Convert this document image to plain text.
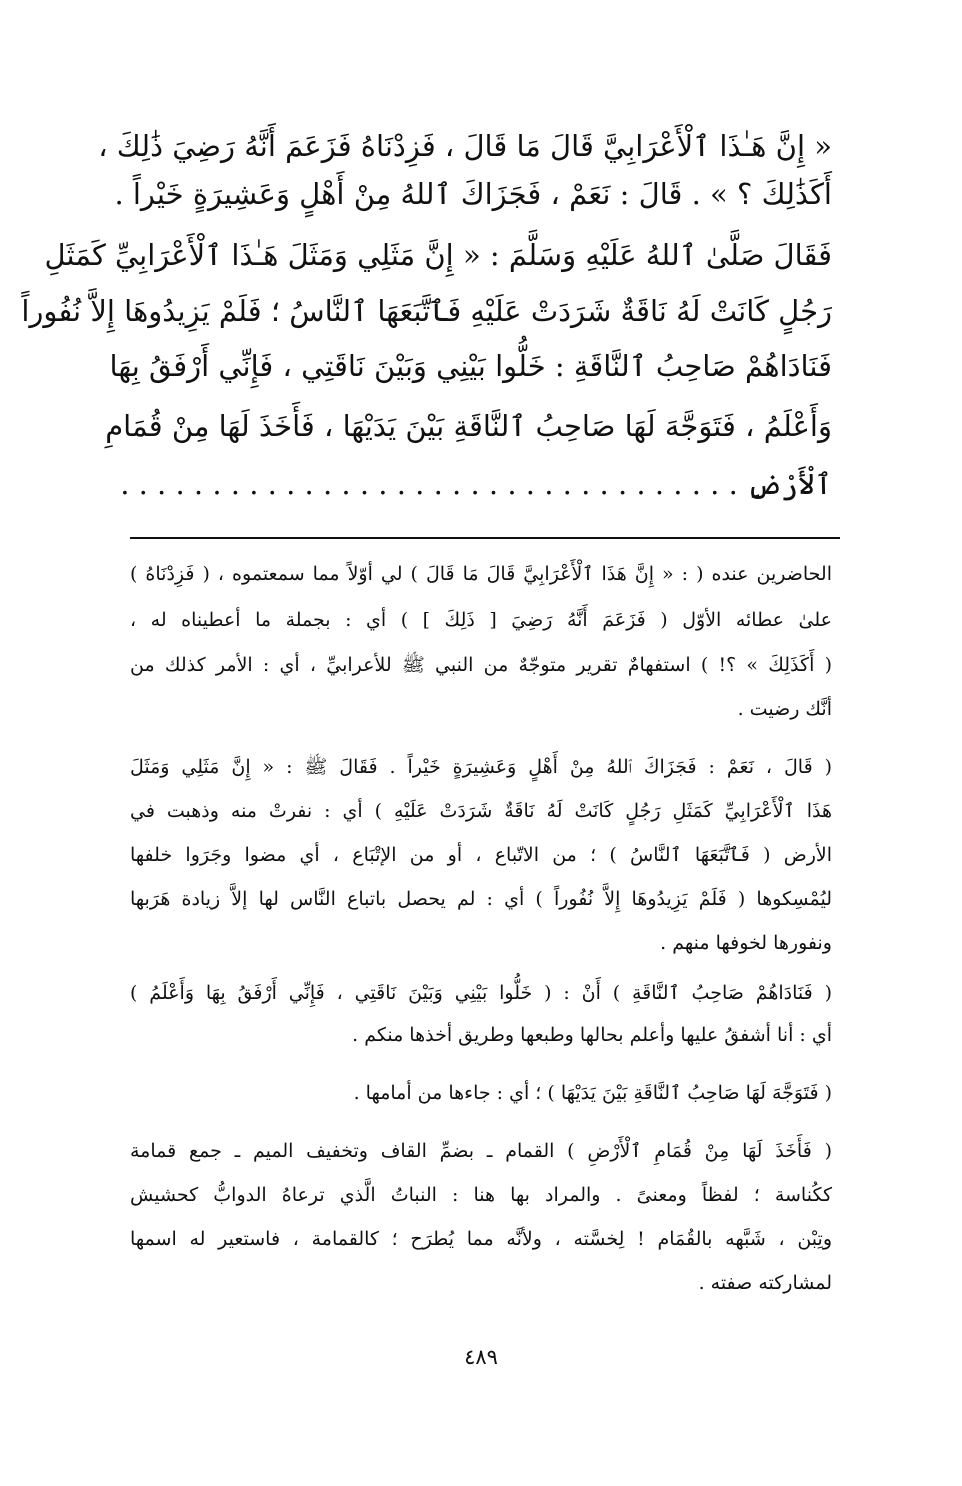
« إِنَّ هَـٰذَا ٱلْأَعْرَابِيَّ قَالَ مَا قَالَ ، فَزِدْنَاهُ فَزَعَمَ أَنَّهُ رَضِيَ ذَٰلِكَ ،
أَكَذَٰلِكَ ؟ » . قَالَ : نَعَمْ ، فَجَزَاكَ ٱللهُ مِنْ أَهْلٍ وَعَشِيرَةٍ خَيْراً .
فَقَالَ صَلَّىٰ ٱللهُ عَلَيْهِ وَسَلَّمَ : « إِنَّ مَثَلِي وَمَثَلَ هَـٰذَا ٱلْأَعْرَابِيِّ كَمَثَلِ
رَجُلٍ كَانَتْ لَهُ نَاقَةٌ شَرَدَتْ عَلَيْهِ فَٱتَّبَعَهَا ٱلنَّاسُ ؛ فَلَمْ يَزِيدُوهَا إِلاَّ نُفُوراً
فَنَادَاهُمْ صَاحِبُ ٱلنَّاقَةِ : خَلُّوا بَيْنِي وَبَيْنَ نَاقَتِي ، فَإِنِّي أَرْفَقُ بِهَا
وَأَعْلَمُ ، فَتَوَجَّهَ لَهَا صَاحِبُ ٱلنَّاقَةِ بَيْنَ يَدَيْهَا ، فَأَخَذَ لَهَا مِنْ قُمَامِ
ٱلْأَرْضِ . . . . . . . . . . . . . . . . . . . . . . . . . . . . . . . . . .
الحاضرين عنده ( : « إِنَّ هَذَا ٱلْأَعْرَابِيَّ قَالَ مَا قَالَ ) لي أوّلاً مما سمعتموه ، ( فَزِدْنَاهُ )
علىٰ عطائه الأوّل ( فَزَعَمَ أَنَّهُ رَضِيَ [ ذَلِكَ ] ) أي : بجملة ما أعطيناه له ،
( أَكَذَلِكَ » ؟! ) استفهامٌ تقرير متوجّهٌ من النبي ﷺ للأعرابيِّ ، أي : الأمر كذلك من
أنَّك رضيت .
( قَالَ ، نَعَمْ : فَجَزَاكَ ٱللهُ مِنْ أَهْلٍ وَعَشِيرَةٍ خَيْراً . فَقَالَ ﷺ : « إِنَّ مَثَلِي وَمَثَلَ
هَذَا ٱلْأَعْرَابِيِّ كَمَثَلِ رَجُلٍ كَانَتْ لَهُ نَاقَةٌ شَرَدَتْ عَلَيْهِ ) أي : نفرتْ منه وذهبت في
الأرض ( فَٱتَّبَعَهَا ٱلنَّاسُ ) ؛ من الاتّباع ، أو من الإتْبَاع ، أي مضوا وجَرَوا خلفها
ليُمْسِكوها ( فَلَمْ يَزِيدُوهَا إِلاَّ نُفُوراً ) أي : لم يحصل باتباع النَّاس لها إلاَّ زيادة هَرَبها
ونفورها لخوفها منهم .
( فَنَادَاهُمْ صَاحِبُ ٱلنَّاقَةِ ) أَنْ : ( خَلُّوا بَيْنِي وَبَيْنَ نَاقَتِي ، فَإِنِّي أَرْفَقُ بِهَا وَأَعْلَمُ )
أي : أنا أشفقُ عليها وأعلم بحالها وطبعها وطريق أخذها منكم .
( فَتَوَجَّهَ لَهَا صَاحِبُ ٱلنَّاقَةِ بَيْنَ يَدَيْهَا ) ؛ أي : جاءها من أمامها .
( فَأَخَذَ لَهَا مِنْ قُمَامِ ٱلْأَرْضِ ) القمام ـ بضمِّ القاف وتخفيف الميم ـ جمع قمامة
ككُناسة ؛ لفظاً ومعنىً . والمراد بها هنا : النباتُ الَّذي ترعاهُ الدوابُّ كحشيش
وتِبْن ، شَبَّهه بالقُمَام ! لِخسَّته ، ولأنَّه مما يُطرَح ؛ كالقمامة ، فاستعير له اسمها
لمشاركته صفته .
٤٨٩
